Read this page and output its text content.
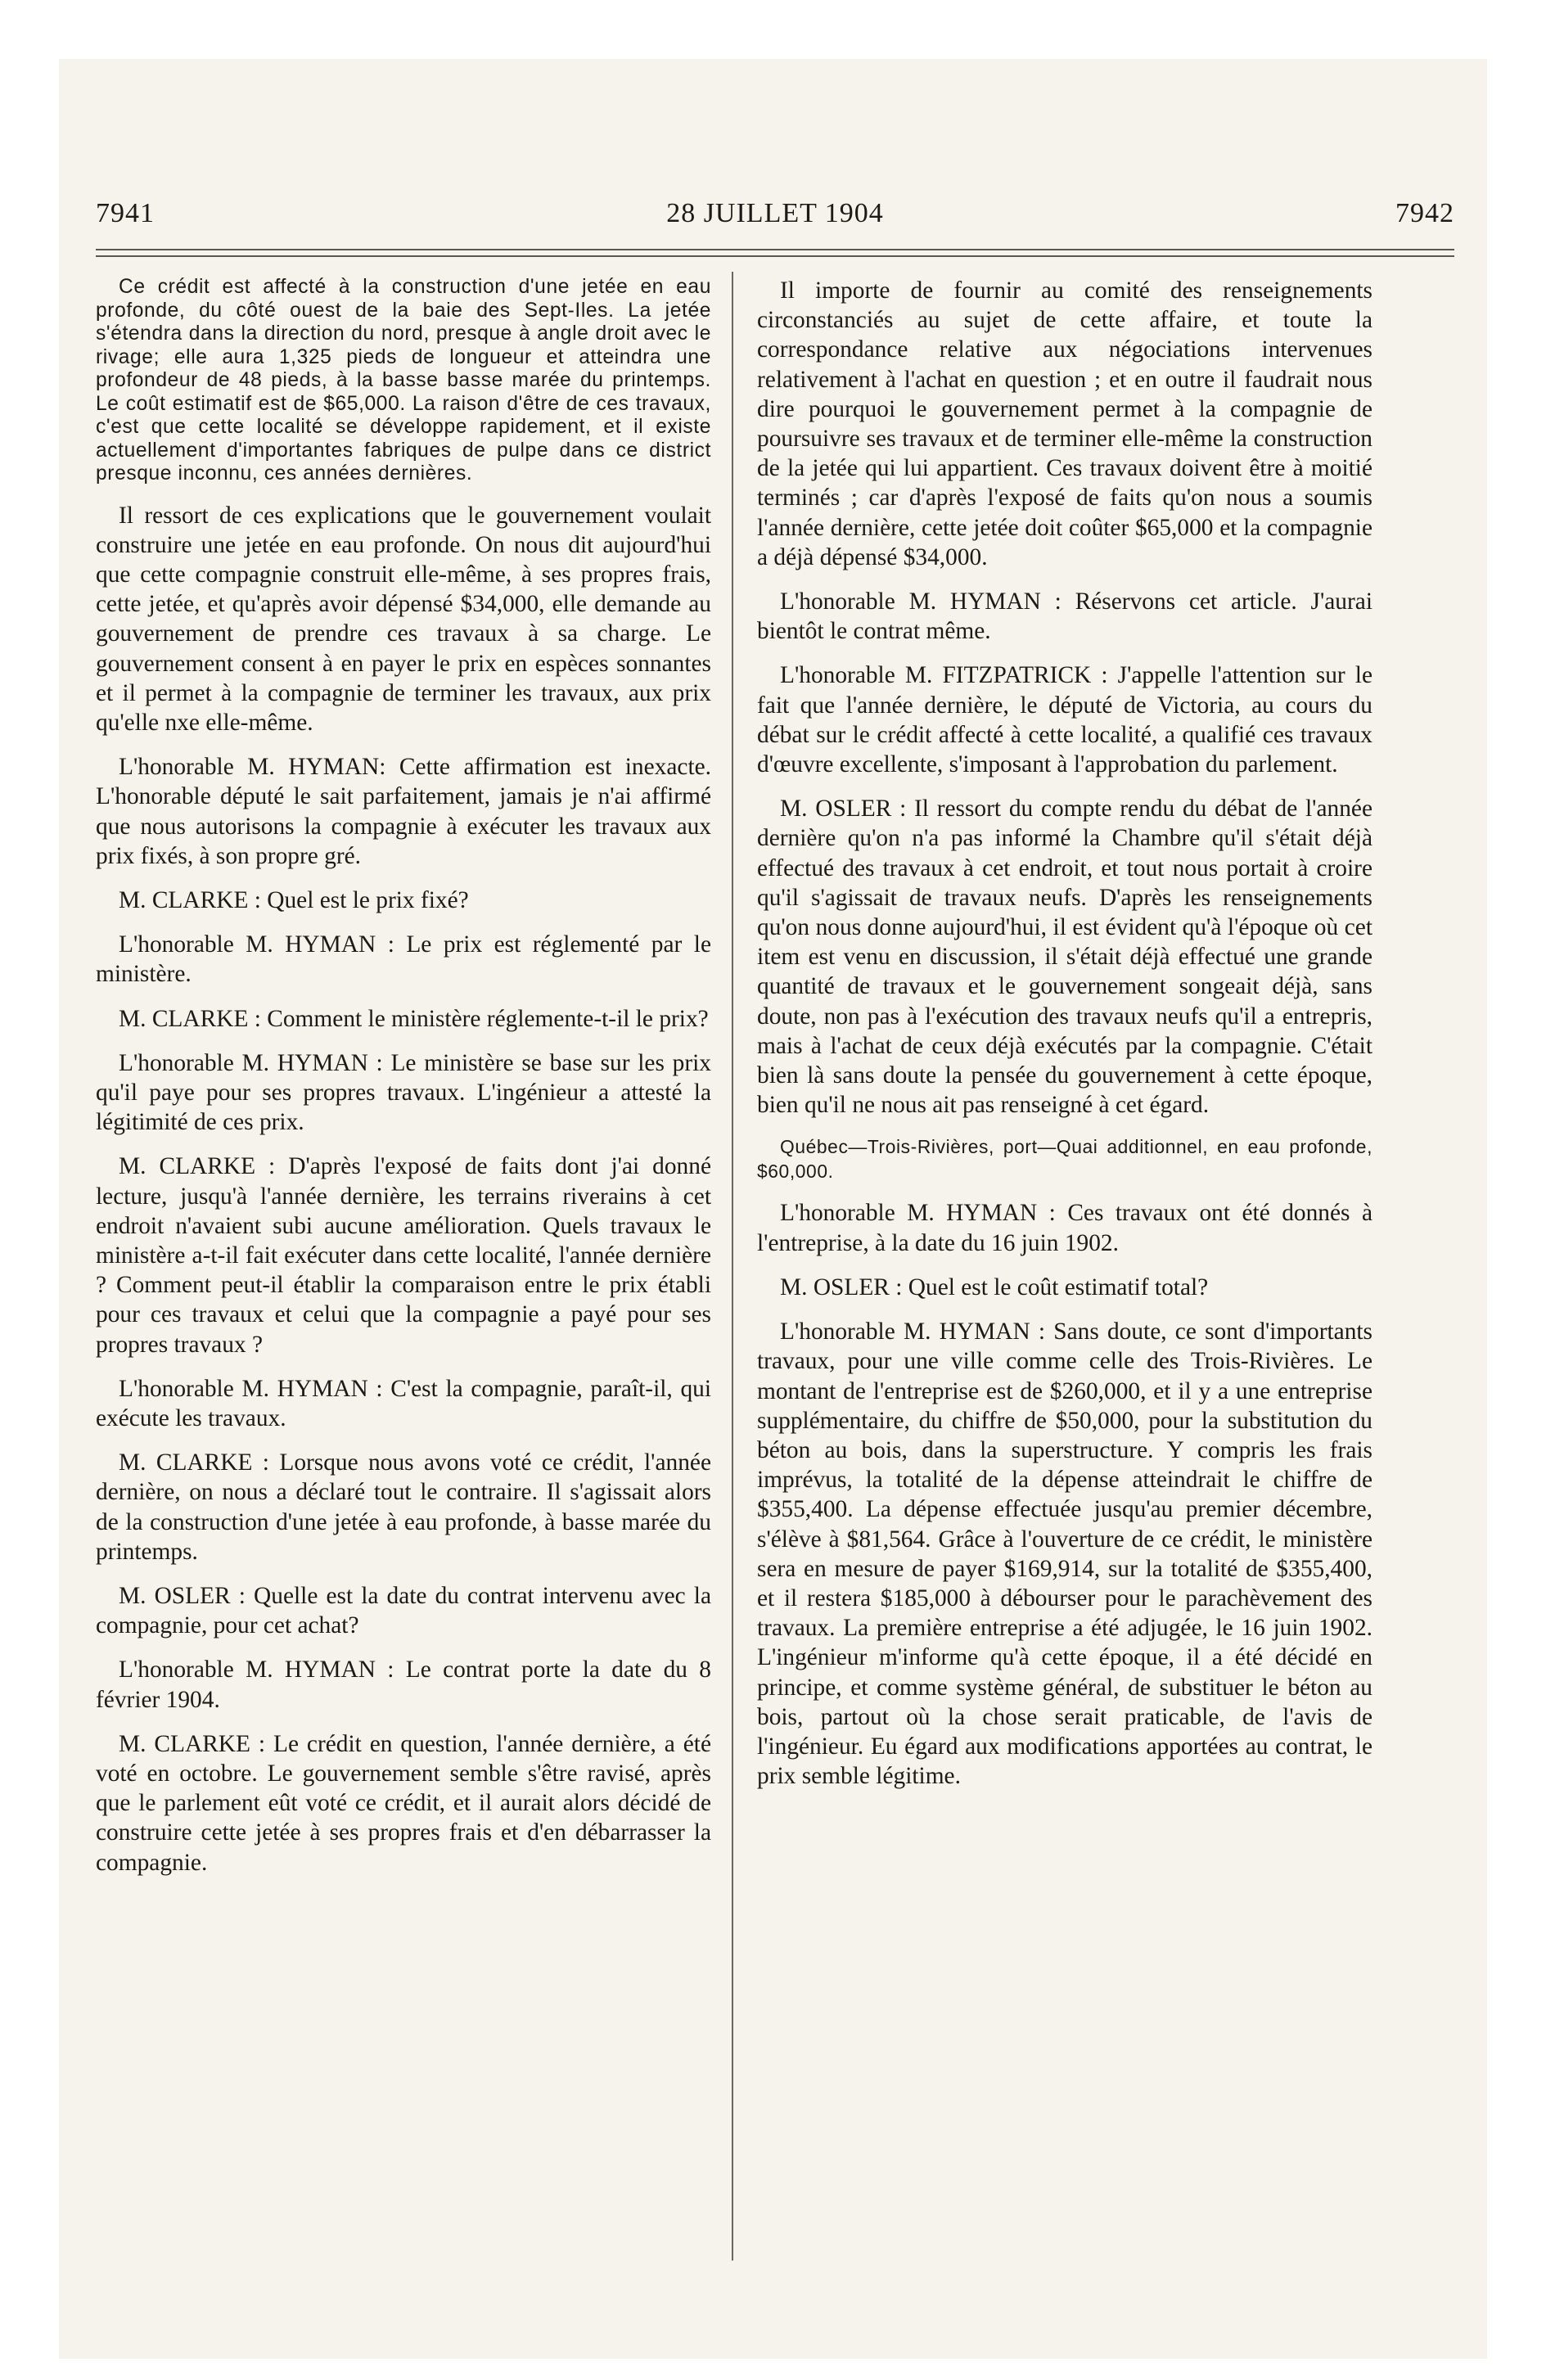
7941	28 JUILLET 1904	7942

Ce crédit est affecté à la construction d'une jetée en eau profonde, du côté ouest de la baie des Sept-Iles. La jetée s'étendra dans la direction du nord, presque à angle droit avec le rivage; elle aura 1,325 pieds de longueur et atteindra une profondeur de 48 pieds, à la basse basse marée du printemps. Le coût estimatif est de $65,000. La raison d'être de ces travaux, c'est que cette localité se développe rapidement, et il existe actuellement d'importantes fabriques de pulpe dans ce district presque inconnu, ces années dernières.

Il ressort de ces explications que le gouvernement voulait construire une jetée en eau profonde. On nous dit aujourd'hui que cette compagnie construit elle-même, à ses propres frais, cette jetée, et qu'après avoir dépensé $34,000, elle demande au gouvernement de prendre ces travaux à sa charge. Le gouvernement consent à en payer le prix en espèces sonnantes et il permet à la compagnie de terminer les travaux, aux prix qu'elle nxe elle-même.

L'honorable M. HYMAN: Cette affirmation est inexacte. L'honorable député le sait parfaitement, jamais je n'ai affirmé que nous autorisons la compagnie à exécuter les travaux aux prix fixés, à son propre gré.

M. CLARKE : Quel est le prix fixé?

L'honorable M. HYMAN : Le prix est réglementé par le ministère.

M. CLARKE : Comment le ministère réglemente-t-il le prix?

L'honorable M. HYMAN : Le ministère se base sur les prix qu'il paye pour ses propres travaux. L'ingénieur a attesté la légitimité de ces prix.

M. CLARKE : D'après l'exposé de faits dont j'ai donné lecture, jusqu'à l'année dernière, les terrains riverains à cet endroit n'avaient subi aucune amélioration. Quels travaux le ministère a-t-il fait exécuter dans cette localité, l'année dernière ? Comment peut-il établir la comparaison entre le prix établi pour ces travaux et celui que la compagnie a payé pour ses propres travaux ?

L'honorable M. HYMAN : C'est la compagnie, paraît-il, qui exécute les travaux.

M. CLARKE : Lorsque nous avons voté ce crédit, l'année dernière, on nous a déclaré tout le contraire. Il s'agissait alors de la construction d'une jetée à eau profonde, à basse marée du printemps.

M. OSLER : Quelle est la date du contrat intervenu avec la compagnie, pour cet achat?

L'honorable M. HYMAN : Le contrat porte la date du 8 février 1904.

M. CLARKE : Le crédit en question, l'année dernière, a été voté en octobre. Le gouvernement semble s'être ravisé, après que le parlement eût voté ce crédit, et il aurait alors décidé de construire cette jetée à ses propres frais et d'en débarrasser la compagnie.

Il importe de fournir au comité des renseignements circonstanciés au sujet de cette affaire, et toute la correspondance relative aux négociations intervenues relativement à l'achat en question ; et en outre il faudrait nous dire pourquoi le gouvernement permet à la compagnie de poursuivre ses travaux et de terminer elle-même la construction de la jetée qui lui appartient. Ces travaux doivent être à moitié terminés ; car d'après l'exposé de faits qu'on nous a soumis l'année dernière, cette jetée doit coûter $65,000 et la compagnie a déjà dépensé $34,000.

L'honorable M. HYMAN : Réservons cet article. J'aurai bientôt le contrat même.

L'honorable M. FITZPATRICK : J'appelle l'attention sur le fait que l'année dernière, le député de Victoria, au cours du débat sur le crédit affecté à cette localité, a qualifié ces travaux d'œuvre excellente, s'imposant à l'approbation du parlement.

M. OSLER : Il ressort du compte rendu du débat de l'année dernière qu'on n'a pas informé la Chambre qu'il s'était déjà effectué des travaux à cet endroit, et tout nous portait à croire qu'il s'agissait de travaux neufs. D'après les renseignements qu'on nous donne aujourd'hui, il est évident qu'à l'époque où cet item est venu en discussion, il s'était déjà effectué une grande quantité de travaux et le gouvernement songeait déjà, sans doute, non pas à l'exécution des travaux neufs qu'il a entrepris, mais à l'achat de ceux déjà exécutés par la compagnie. C'était bien là sans doute la pensée du gouvernement à cette époque, bien qu'il ne nous ait pas renseigné à cet égard.

Québec—Trois-Rivières, port—Quai additionnel, en eau profonde, $60,000.

L'honorable M. HYMAN : Ces travaux ont été donnés à l'entreprise, à la date du 16 juin 1902.

M. OSLER : Quel est le coût estimatif total?

L'honorable M. HYMAN : Sans doute, ce sont d'importants travaux, pour une ville comme celle des Trois-Rivières. Le montant de l'entreprise est de $260,000, et il y a une entreprise supplémentaire, du chiffre de $50,000, pour la substitution du béton au bois, dans la superstructure. Y compris les frais imprévus, la totalité de la dépense atteindrait le chiffre de $355,400. La dépense effectuée jusqu'au premier décembre, s'élève à $81,564. Grâce à l'ouverture de ce crédit, le ministère sera en mesure de payer $169,914, sur la totalité de $355,400, et il restera $185,000 à débourser pour le parachèvement des travaux. La première entreprise a été adjugée, le 16 juin 1902. L'ingénieur m'informe qu'à cette époque, il a été décidé en principe, et comme système général, de substituer le béton au bois, partout où la chose serait praticable, de l'avis de l'ingénieur. Eu égard aux modifications apportées au contrat, le prix semble légitime.
